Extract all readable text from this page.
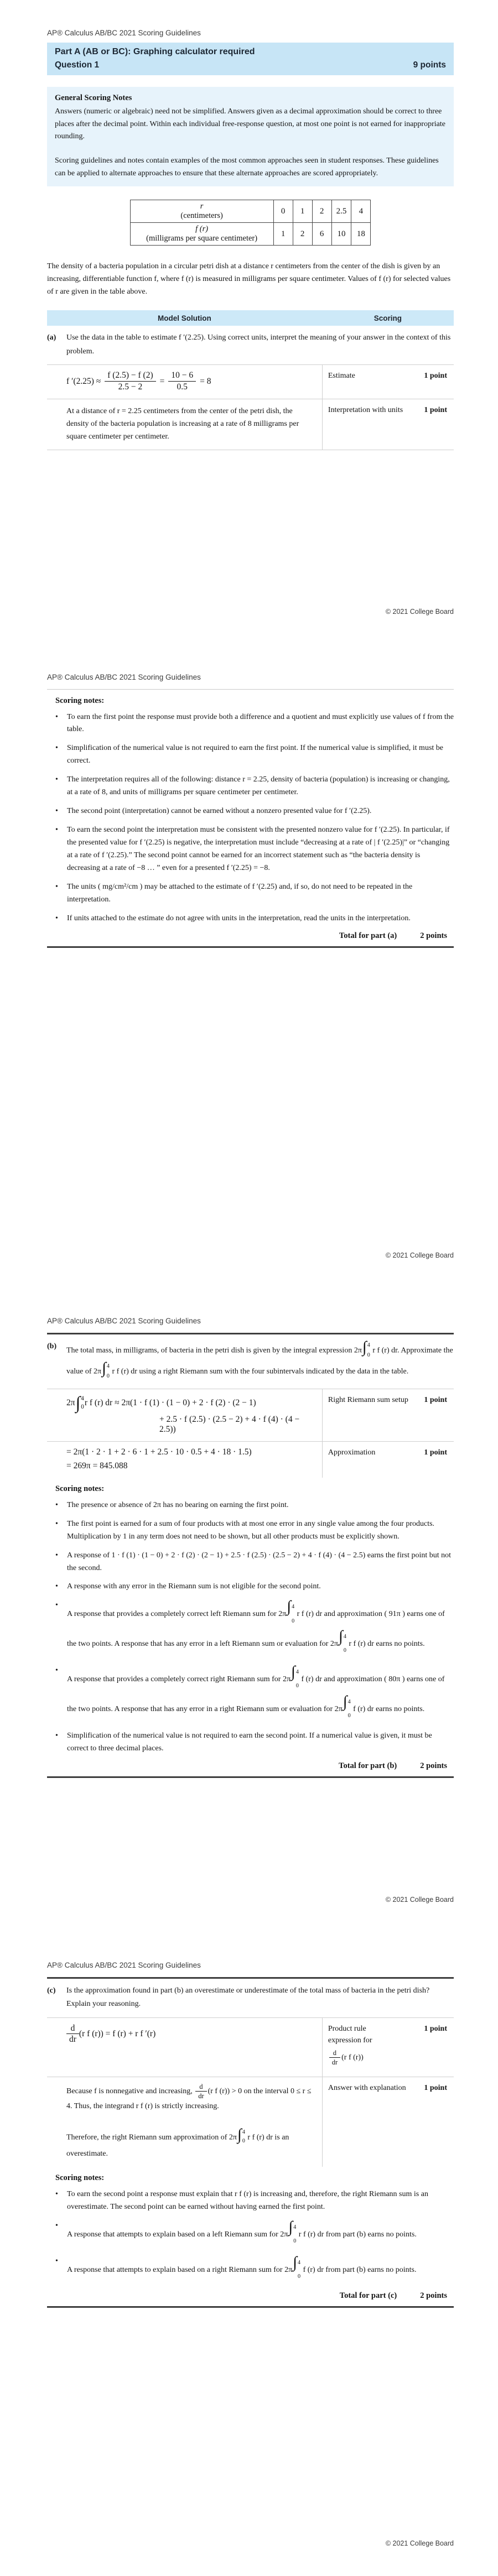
AP® Calculus AB/BC 2021 Scoring Guidelines
Part A (AB or BC): Graphing calculator required
Question 1	9 points
General Scoring Notes

Answers (numeric or algebraic) need not be simplified. Answers given as a decimal approximation should be correct to three places after the decimal point. Within each individual free-response question, at most one point is not earned for inappropriate rounding.

Scoring guidelines and notes contain examples of the most common approaches seen in student responses. These guidelines can be applied to alternate approaches to ensure that these alternate approaches are scored appropriately.

r
(centimeters)	0	1	2	2.5	4

f (r)
(milligrams per square centimeter)	1	2	6	10	18

The density of a bacteria population in a circular petri dish at a distance r centimeters from the center of the dish is given by an increasing, differentiable function f, where f (r) is measured in milligrams per square centimeter. Values of f (r) for selected values of r are given in the table above.

Model Solution	Scoring
(a)	Use the data in the table to estimate f ′(2.25). Using correct units, interpret the meaning of your answer in the context of this problem.
f $'(2.25) \approx \frac{f (2.5) - f (2)}{2.5 - 2} = \frac{10 - 6}{0.5} = 8$
Estimate	1 point

At a distance of r = 2.25 centimeters from the center of the petri dish, the density of the bacteria population is increasing at a rate of 8 milligrams per square centimeter per centimeter.

Interpretation with units	1 point
© 2021 College Board
AP® Calculus AB/BC 2021 Scoring Guidelines
Scoring notes:
•	To earn the first point the response must provide both a difference and a quotient and must explicitly use values of f from the table.
•	Simplification of the numerical value is not required to earn the first point. If the numerical value is simplified, it must be correct.
•	The interpretation requires all of the following: distance r = 2.25, density of bacteria (population) is increasing or changing, at a rate of 8, and units of milligrams per square centimeter per centimeter.
•	The second point (interpretation) cannot be earned without a nonzero presented value for f ′(2.25).
•	To earn the second point the interpretation must be consistent with the presented nonzero value for f ′(2.25). In particular, if the presented value for f ′(2.25) is negative, the interpretation must include “decreasing at a rate of | f ′(2.25)|” or “changing at a rate of f ′(2.25).” The second point cannot be earned for an incorrect statement such as “the bacteria density is decreasing at a rate of −8 … ” even for a presented f ′(2.25) = −8.
•	The units ( mg/cm²/cm ) may be attached to the estimate of f ′(2.25) and, if so, do not need to be repeated in the interpretation.
•	If units attached to the estimate do not agree with units in the interpretation, read the units in the interpretation.
Total for part (a)	2 points
© 2021 College Board
AP® Calculus AB/BC 2021 Scoring Guidelines
(b)	The total mass, in milligrams, of bacteria in the petri dish is given by the integral expression 2π ∫ 4
0
r f (r) dr. Approximate the value of 2π ∫ 4
0
r f (r) dr using a right Riemann sum with the four subintervals indicated by the data in the table.
2π ∫ 4
0 r f (r) dr ≈ 2π(1 · f (1) · (1 − 0) + 2 · f (2) · (2 − 1)
+ 2.5 · f (2.5) · (2.5 − 2) + 4 · f (4) · (4 − 2.5))
Right Riemann sum setup 1 point
= 2π(1 · 2 · 1 + 2 · 6 · 1 + 2.5 · 10 · 0.5 + 4 · 18 · 1.5)
= 269π = 845.088
Approximation	1 point
Scoring notes:
•	The presence or absence of 2π has no bearing on earning the first point.
•	The first point is earned for a sum of four products with at most one error in any single value among the four products. Multiplication by 1 in any term does not need to be shown, but all other products must be explicitly shown.
•	A response of 1 · f (1) · (1 − 0) + 2 · f (2) · (2 − 1) + 2.5 · f (2.5) · (2.5 − 2) + 4 · f (4) · (4 − 2.5) earns the first point but not the second.
•	A response with any error in the Riemann sum is not eligible for the second point.
•
A response that provides a completely correct left Riemann sum for 2π ∫ 4
0
r f (r) dr and approximation ( 91π ) earns one of the two points. A response that has any error in a left Riemann sum or evaluation for 2π ∫ 4
0
r f (r) dr earns no points.
•
A response that provides a completely correct right Riemann sum for 2π ∫ 4
0
f (r) dr and approximation ( 80π ) earns one of the two points. A response that has any error in a right Riemann sum or evaluation for 2π ∫ 4
0
f (r) dr earns no points.
•	Simplification of the numerical value is not required to earn the second point. If a numerical value is given, it must be correct to three decimal places.
Total for part (b)	2 points
© 2021 College Board
AP® Calculus AB/BC 2021 Scoring Guidelines
(c)	Is the approximation found in part (b) an overestimate or underestimate of the total mass of bacteria in the petri dish? Explain your reasoning.
$\frac{d}{dr} (r$ f (r)) = f (r) + r f ′(r)
Product rule
expression for
$\frac{d}{dr} (r$ f (r))
1 point

Because f is nonnegative and increasing, $\frac{d}{dr} (r$ f (r)) > 0 on the interval 0 ≤ r ≤ 4. Thus, the integrand r f (r) is strictly increasing.

Therefore, the right Riemann sum approximation of 2π ∫ 4
0 r f (r) dr is an overestimate.

Answer with explanation 1 point
Scoring notes:
•	To earn the second point a response must explain that r f (r) is increasing and, therefore, the right Riemann sum is an overestimate. The second point can be earned without having earned the first point.
•
A response that attempts to explain based on a left Riemann sum for 2π ∫ 4
0
r f (r) dr from part (b) earns no points.
•
A response that attempts to explain based on a right Riemann sum for 2π ∫ 4
0
f (r) dr from part (b) earns no points.
Total for part (c)	2 points
© 2021 College Board
